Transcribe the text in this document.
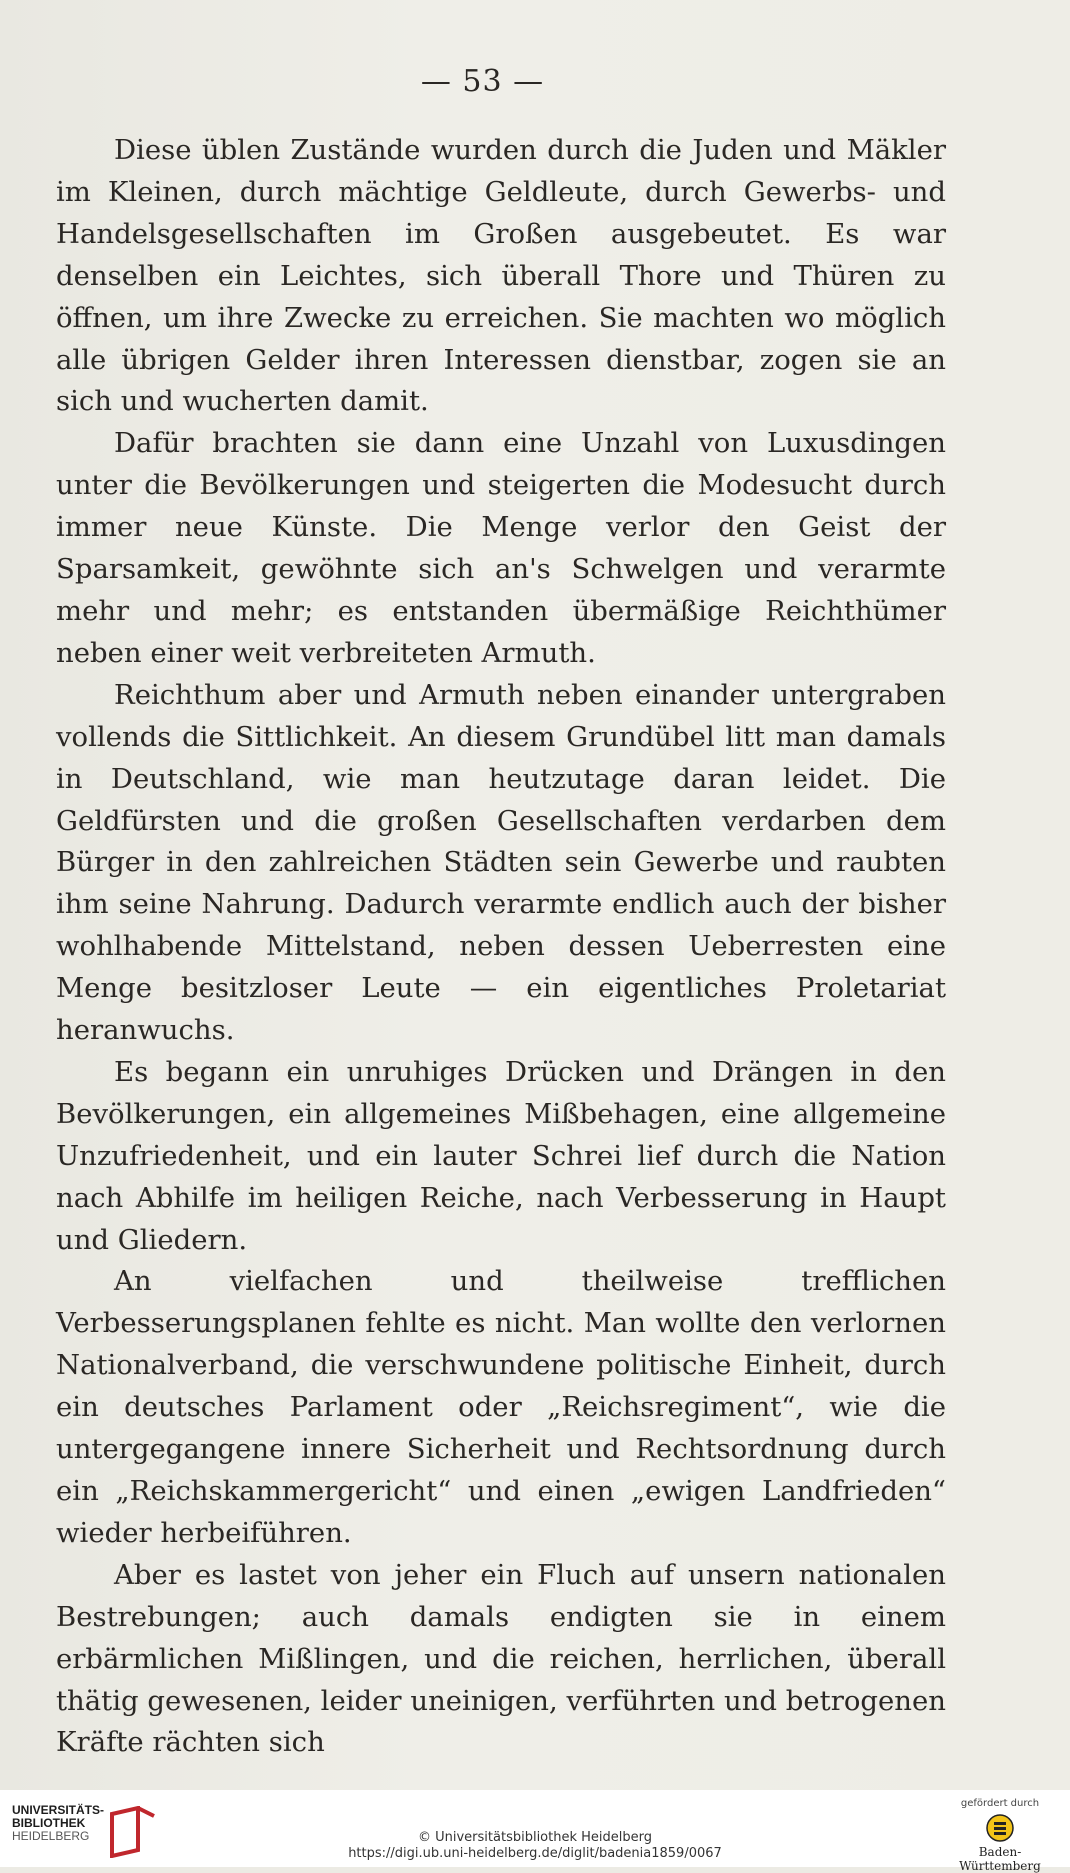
— 53 —

Diese üblen Zustände wurden durch die Juden und Mäkler im Kleinen, durch mächtige Geldleute, durch Gewerbs- und Handelsgesellschaften im Großen ausgebeutet. Es war denselben ein Leichtes, sich überall Thore und Thüren zu öffnen, um ihre Zwecke zu erreichen. Sie machten wo möglich alle übrigen Gelder ihren Interessen dienstbar, zogen sie an sich und wucherten damit.

Dafür brachten sie dann eine Unzahl von Luxusdingen unter die Bevölkerungen und steigerten die Modesucht durch immer neue Künste. Die Menge verlor den Geist der Sparsamkeit, gewöhnte sich an's Schwelgen und verarmte mehr und mehr; es entstanden übermäßige Reichthümer neben einer weit verbreiteten Armuth.

Reichthum aber und Armuth neben einander untergraben vollends die Sittlichkeit. An diesem Grundübel litt man damals in Deutschland, wie man heutzutage daran leidet. Die Geldfürsten und die großen Gesellschaften verdarben dem Bürger in den zahlreichen Städten sein Gewerbe und raubten ihm seine Nahrung. Dadurch verarmte endlich auch der bisher wohlhabende Mittelstand, neben dessen Ueberresten eine Menge besitzloser Leute — ein eigentliches Proletariat heranwuchs.

Es begann ein unruhiges Drücken und Drängen in den Bevölkerungen, ein allgemeines Mißbehagen, eine allgemeine Unzufriedenheit, und ein lauter Schrei lief durch die Nation nach Abhilfe im heiligen Reiche, nach Verbesserung in Haupt und Gliedern.

An vielfachen und theilweise trefflichen Verbesserungsplanen fehlte es nicht. Man wollte den verlornen Nationalverband, die verschwundene politische Einheit, durch ein deutsches Parlament oder „Reichsregiment“, wie die untergegangene innere Sicherheit und Rechtsordnung durch ein „Reichskammergericht“ und einen „ewigen Landfrieden“ wieder herbeiführen.

Aber es lastet von jeher ein Fluch auf unsern nationalen Bestrebungen; auch damals endigten sie in einem erbärmlichen Mißlingen, und die reichen, herrlichen, überall thätig gewesenen, leider uneinigen, verführten und betrogenen Kräfte rächten sich

UNIVERSITÄTS-
BIBLIOTHEK
HEIDELBERG	© Universitätsbibliothek Heidelberg
https://digi.ub.uni-heidelberg.de/diglit/badenia1859/0067
gefördert durch
Baden-Württemberg
